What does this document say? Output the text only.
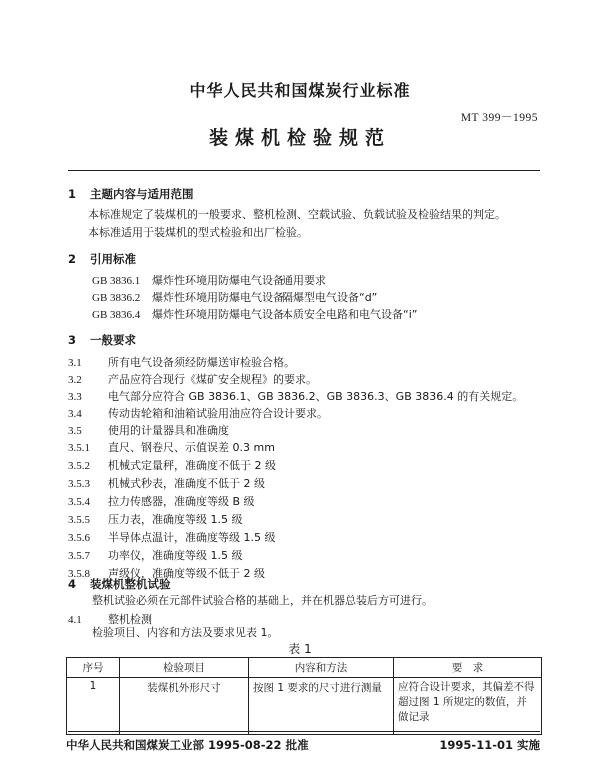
中华人民共和国煤炭行业标准
MT 399－1995
装煤机检验规范
1 主题内容与适用范围
本标准规定了装煤机的一般要求、整机检测、空载试验、负载试验及检验结果的判定。
本标准适用于装煤机的型式检验和出厂检验。
2 引用标准
GB 3836.1 爆炸性环境用防爆电气设备通用要求
GB 3836.2 爆炸性环境用防爆电气设备隔爆型电气设备“d”
GB 3836.4 爆炸性环境用防爆电气设备本质安全电路和电气设备“i”
3 一般要求
3.1 所有电气设备须经防爆送审检验合格。
3.2 产品应符合现行《煤矿安全规程》的要求。
3.3 电气部分应符合 GB 3836.1、GB 3836.2、GB 3836.3、GB 3836.4 的有关规定。
3.4 传动齿轮箱和油箱试验用油应符合设计要求。
3.5 使用的计量器具和准确度
3.5.1 直尺、钢卷尺、示值误差 0.3 mm
3.5.2 机械式定量秤，准确度不低于 2 级
3.5.3 机械式秒表，准确度不低于 2 级
3.5.4 拉力传感器，准确度等级 B 级
3.5.5 压力表，准确度等级 1.5 级
3.5.6 半导体点温计，准确度等级 1.5 级
3.5.7 功率仪，准确度等级 1.5 级
3.5.8 声级仪，准确度等级不低于 2 级
4 装煤机整机试验
整机试验必须在元部件试验合格的基础上，并在机器总装后方可进行。
4.1 整机检测
检验项目、内容和方法及要求见表 1。
表 1
序号	检验项目	内容和方法	要　求
1	装煤机外形尺寸	按图 1 要求的尺寸进行测量	应符合设计要求，其偏差不得超过图 1 所规定的数值，并做记录
中华人民共和国煤炭工业部 1995-08-22 批准	1995-11-01 实施
